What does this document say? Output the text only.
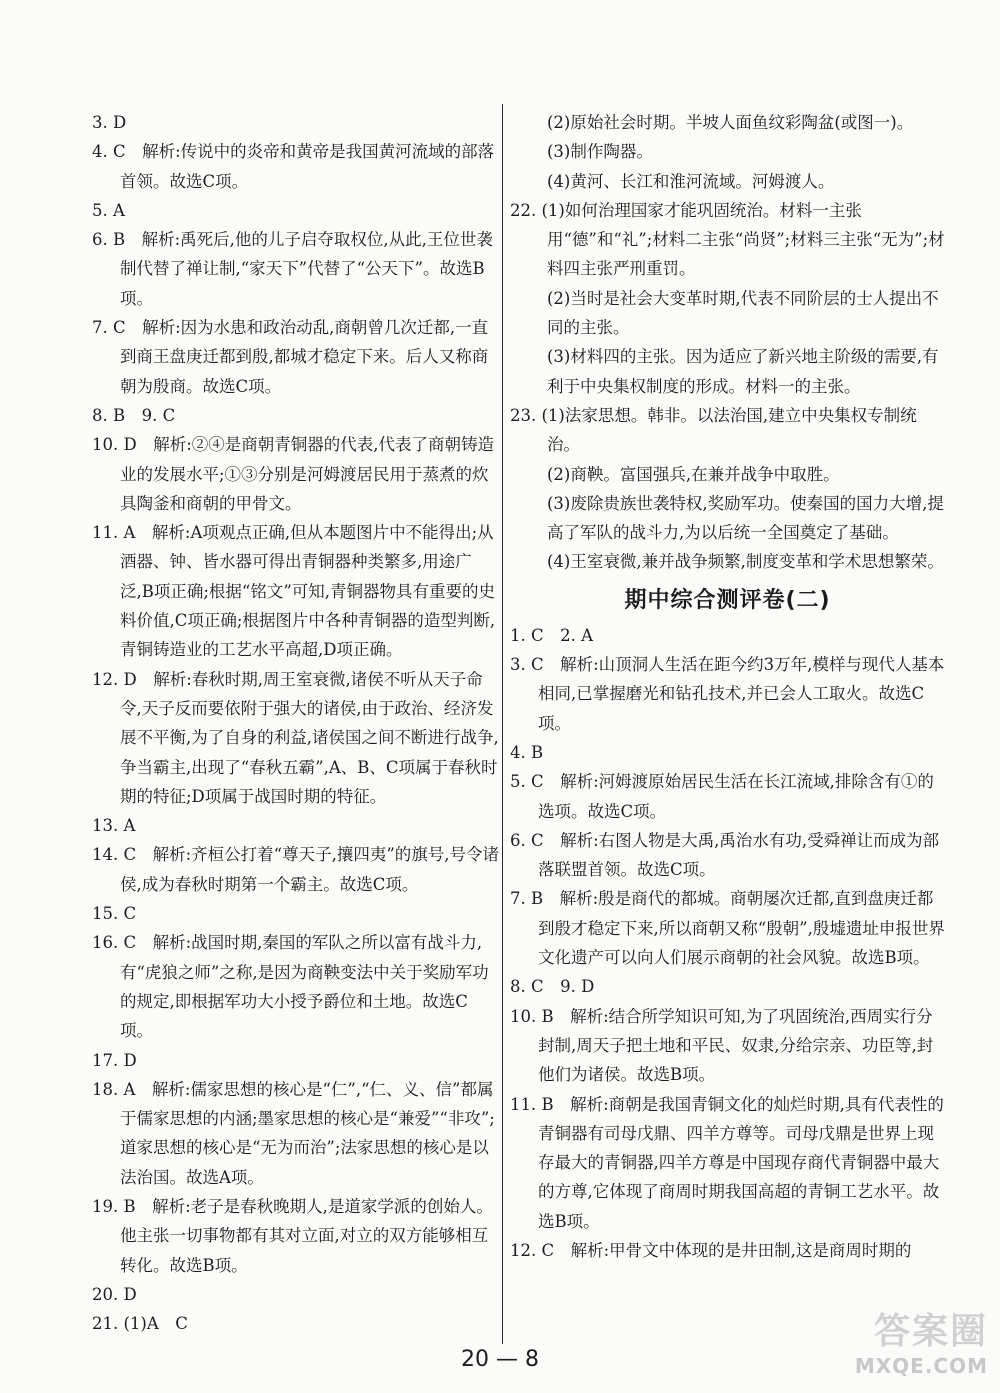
3. D

4. C　解析:传说中的炎帝和黄帝是我国黄河流域的部落首领。故选C项。

5. A

6. B　解析:禹死后,他的儿子启夺取权位,从此,王位世袭制代替了禅让制,“家天下”代替了“公天下”。故选B项。

7. C　解析:因为水患和政治动乱,商朝曾几次迁都,一直到商王盘庚迁都到殷,都城才稳定下来。后人又称商朝为殷商。故选C项。

8. B　9. C

10. D　解析:②④是商朝青铜器的代表,代表了商朝铸造业的发展水平;①③分别是河姆渡居民用于蒸煮的炊具陶釜和商朝的甲骨文。

11. A　解析:A项观点正确,但从本题图片中不能得出;从酒器、钟、皆水器可得出青铜器种类繁多,用途广泛,B项正确;根据“铭文”可知,青铜器物具有重要的史料价值,C项正确;根据图片中各种青铜器的造型判断,青铜铸造业的工艺水平高超,D项正确。

12. D　解析:春秋时期,周王室衰微,诸侯不听从天子命令,天子反而要依附于强大的诸侯,由于政治、经济发展不平衡,为了自身的利益,诸侯国之间不断进行战争,争当霸主,出现了“春秋五霸”,A、B、C项属于春秋时期的特征;D项属于战国时期的特征。

13. A

14. C　解析:齐桓公打着“尊天子,攘四夷”的旗号,号令诸侯,成为春秋时期第一个霸主。故选C项。

15. C

16. C　解析:战国时期,秦国的军队之所以富有战斗力,有“虎狼之师”之称,是因为商鞅变法中关于奖励军功的规定,即根据军功大小授予爵位和土地。故选C项。

17. D

18. A　解析:儒家思想的核心是“仁”,“仁、义、信”都属于儒家思想的内涵;墨家思想的核心是“兼爱”“非攻”;道家思想的核心是“无为而治”;法家思想的核心是以法治国。故选A项。

19. B　解析:老子是春秋晚期人,是道家学派的创始人。他主张一切事物都有其对立面,对立的双方能够相互转化。故选B项。

20. D

21. (1)A　C

(2)原始社会时期。半坡人面鱼纹彩陶盆(或图一)。

(3)制作陶器。

(4)黄河、长江和淮河流域。河姆渡人。

22. (1)如何治理国家才能巩固统治。材料一主张用“德”和“礼”;材料二主张“尚贤”;材料三主张“无为”;材料四主张严刑重罚。

(2)当时是社会大变革时期,代表不同阶层的士人提出不同的主张。

(3)材料四的主张。因为适应了新兴地主阶级的需要,有利于中央集权制度的形成。材料一的主张。

23. (1)法家思想。韩非。以法治国,建立中央集权专制统治。

(2)商鞅。富国强兵,在兼并战争中取胜。

(3)废除贵族世袭特权,奖励军功。使秦国的国力大增,提高了军队的战斗力,为以后统一全国奠定了基础。

(4)王室衰微,兼并战争频繁,制度变革和学术思想繁荣。

期中综合测评卷(二)

1. C　2. A

3. C　解析:山顶洞人生活在距今约3万年,模样与现代人基本相同,已掌握磨光和钻孔技术,并已会人工取火。故选C项。

4. B

5. C　解析:河姆渡原始居民生活在长江流域,排除含有①的选项。故选C项。

6. C　解析:右图人物是大禹,禹治水有功,受舜禅让而成为部落联盟首领。故选C项。

7. B　解析:殷是商代的都城。商朝屡次迁都,直到盘庚迁都到殷才稳定下来,所以商朝又称“殷朝”,殷墟遗址申报世界文化遗产可以向人们展示商朝的社会风貌。故选B项。

8. C　9. D

10. B　解析:结合所学知识可知,为了巩固统治,西周实行分封制,周天子把土地和平民、奴隶,分给宗亲、功臣等,封他们为诸侯。故选B项。

11. B　解析:商朝是我国青铜文化的灿烂时期,具有代表性的青铜器有司母戊鼎、四羊方尊等。司母戊鼎是世界上现存最大的青铜器,四羊方尊是中国现存商代青铜器中最大的方尊,它体现了商周时期我国高超的青铜工艺水平。故选B项。

12. C　解析:甲骨文中体现的是井田制,这是商周时期的

20 — 8
答案圈
MXQE.COM
